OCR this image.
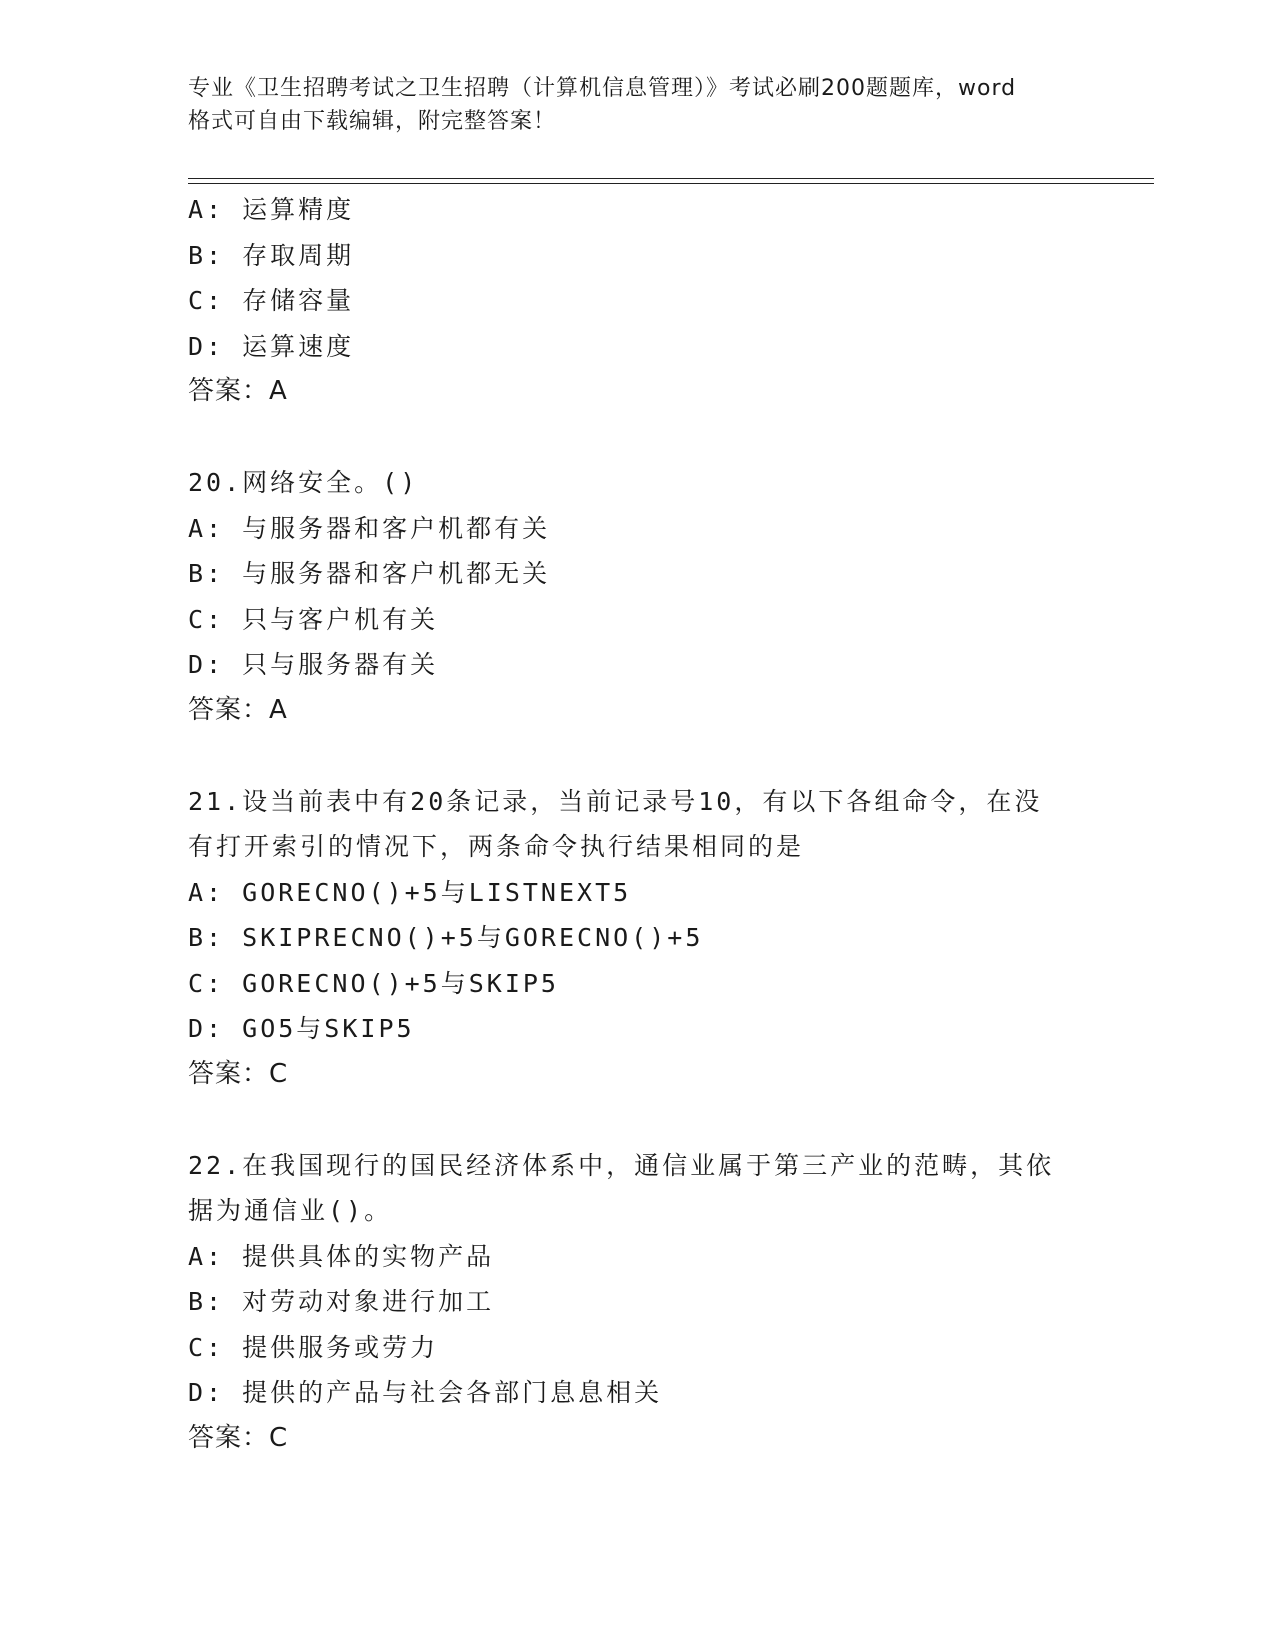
专业《卫生招聘考试之卫生招聘（计算机信息管理）》考试必刷200题题库，word
格式可自由下载编辑，附完整答案！
A: 运算精度
B: 存取周期
C: 存储容量
D: 运算速度
答案：A
20.网络安全。()
A: 与服务器和客户机都有关
B: 与服务器和客户机都无关
C: 只与客户机有关
D: 只与服务器有关
答案：A
21.设当前表中有20条记录，当前记录号10，有以下各组命令，在没
有打开索引的情况下，两条命令执行结果相同的是
A: GORECNO()+5与LISTNEXT5
B: SKIPRECNO()+5与GORECNO()+5
C: GORECNO()+5与SKIP5
D: GO5与SKIP5
答案：C
22.在我国现行的国民经济体系中，通信业属于第三产业的范畴，其依
据为通信业()。
A: 提供具体的实物产品
B: 对劳动对象进行加工
C: 提供服务或劳力
D: 提供的产品与社会各部门息息相关
答案：C
